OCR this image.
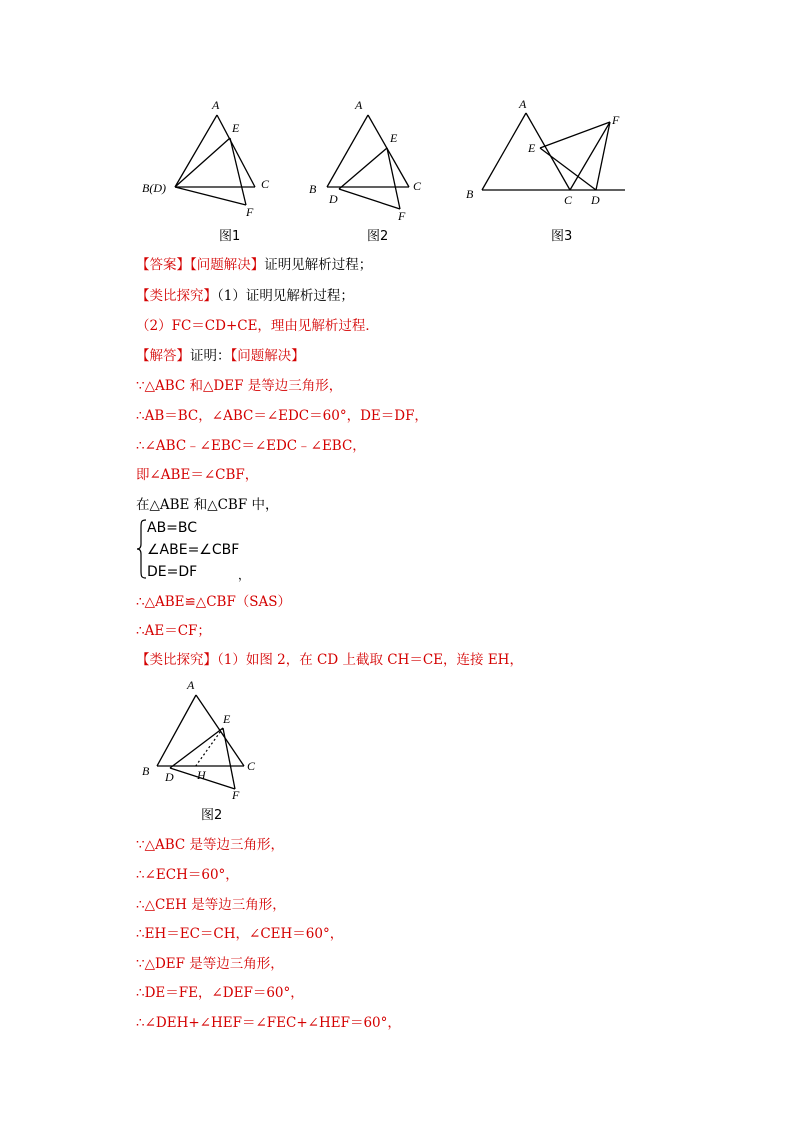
A
E
B(D)	C
F
图1
A
E
B
D
C
F
图2
A
E
F
B	C D
图3
【答案】【问题解决】证明见解析过程；
【类比探究】（1）证明见解析过程；
（2）FC＝CD+CE，理由见解析过程．
【解答】证明：【问题解决】
∵△ABC 和△DEF 是等边三角形，
∴AB＝BC，∠ABC＝∠EDC＝60°，DE＝DF，
∴∠ABC﹣∠EBC＝∠EDC﹣∠EBC，
即∠ABE＝∠CBF，
在△ABE 和△CBF 中，
AB=BC
∠ABE=∠CBF
DE=DF	，
∴△ABE≌△CBF（SAS）
∴AE＝CF；
【类比探究】（1）如图 2，在 CD 上截取 CH＝CE，连接 EH，
A
E
B D H
C
F
图2
∵△ABC 是等边三角形，
∴∠ECH＝60°，
∴△CEH 是等边三角形，
∴EH＝EC＝CH，∠CEH＝60°，
∵△DEF 是等边三角形，
∴DE＝FE，∠DEF＝60°，
∴∠DEH+∠HEF＝∠FEC+∠HEF＝60°，
